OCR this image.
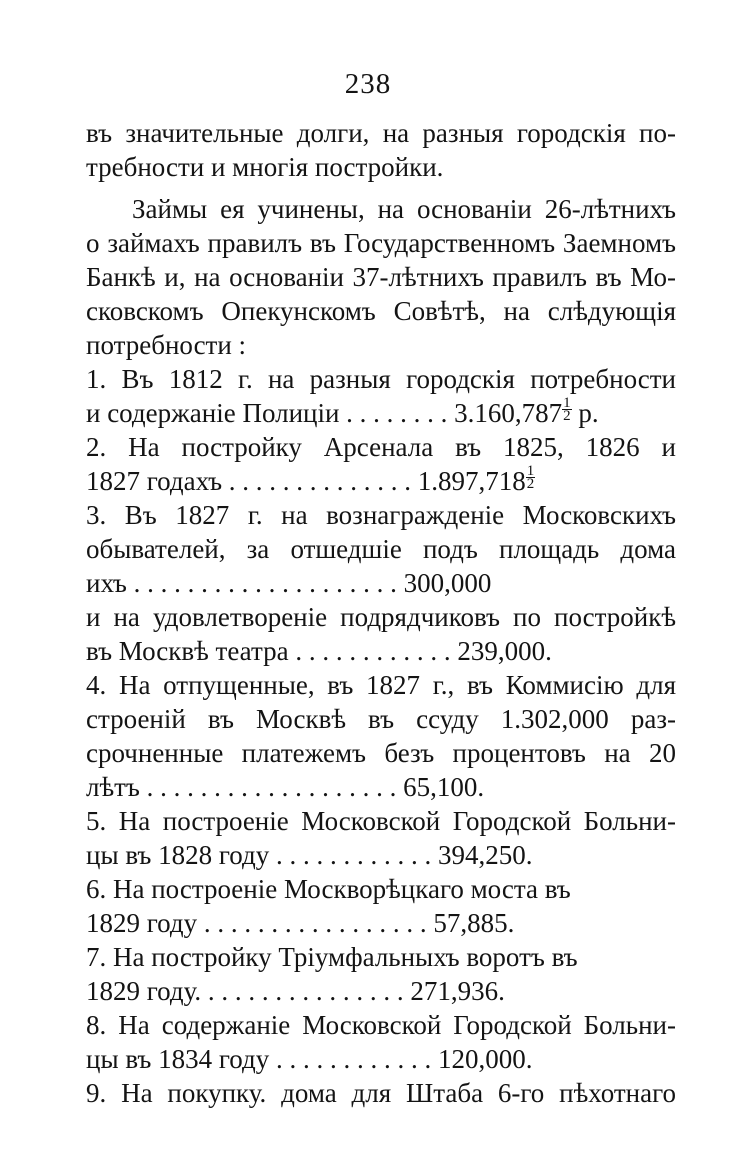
238
въ значительные долги, на разныя городскія по-
требности и многія постройки.
Займы ея учинены, на основаніи 26-лѣтнихъ
о займахъ правилъ въ Государственномъ Заемномъ
Банкѣ и, на основаніи 37-лѣтнихъ правилъ въ Мо-
сковскомъ Опекунскомъ Совѣтѣ, на слѣдующія
потребности :
1. Въ 1812 г. на разныя городскія потребности
и содержаніе Полиціи . . . . . . . . $3.160,787 \frac{1}{2} р$.
2. На постройку Арсенала въ 1825, 1826 и
1827 годахъ . . . . . . . . . . . . . . $1.897,718 \frac{1}{2}$
3. Въ 1827 г. на вознагражденіе Московскихъ
обывателей, за отшедшіе подъ площадь дома
ихъ . . . . . . . . . . . . . . . . . . . . 300,000
и на удовлетвореніе подрядчиковъ по постройкѣ
въ Москвѣ театра . . . . . . . . . . . . 239,000.
4. На отпущенные, въ 1827 г., въ Коммисію для
строеній въ Москвѣ въ ссуду 1.302,000 раз-
срочненные платежемъ безъ процентовъ на 20
лѣтъ . . . . . . . . . . . . . . . . . . . 65,100.
5. На построеніе Московской Городской Больни-
цы въ 1828 году . . . . . . . . . . . . 394,250.
6. На построеніе Москворѣцкаго моста въ
1829 году . . . . . . . . . . . . . . . . . 57,885.
7. На постройку Тріумфальныхъ воротъ въ
1829 году. . . . . . . . . . . . . . . . 271,936.
8. На содержаніе Московской Городской Больни-
цы въ 1834 году . . . . . . . . . . . . 120,000.
9. На покупку. дома для Штаба 6-го пѣхотнаго
